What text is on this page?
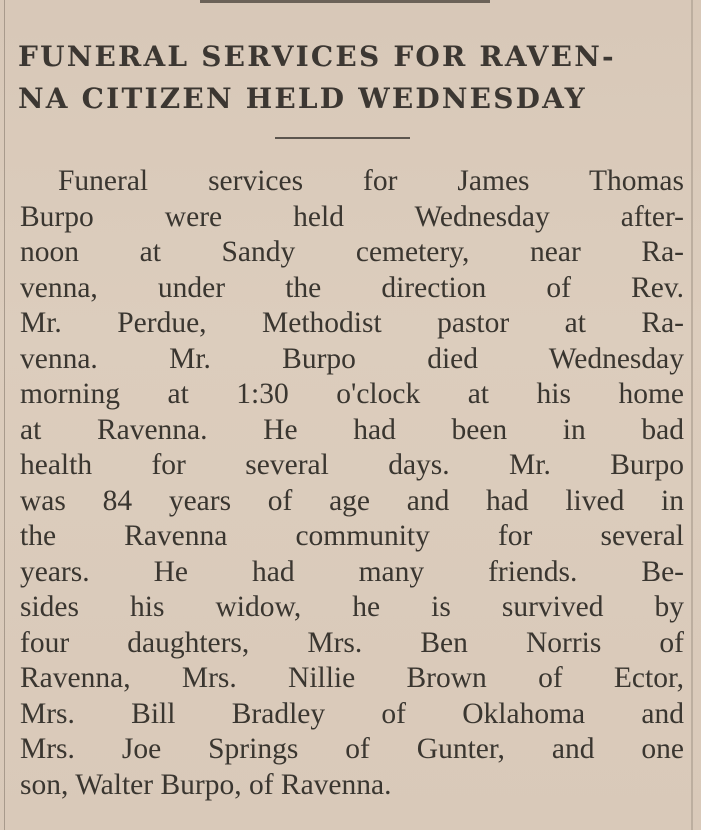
FUNERAL SERVICES FOR RAVEN-
NA CITIZEN HELD WEDNESDAY
Funeral services for James Thomas
Burpo were held Wednesday after-
noon at Sandy cemetery, near Ra-
venna, under the direction of Rev.
Mr. Perdue, Methodist pastor at Ra-
venna. Mr. Burpo died Wednesday
morning at 1:30 o'clock at his home
at Ravenna. He had been in bad
health for several days. Mr. Burpo
was 84 years of age and had lived in
the Ravenna community for several
years. He had many friends. Be-
sides his widow, he is survived by
four daughters, Mrs. Ben Norris of
Ravenna, Mrs. Nillie Brown of Ector,
Mrs. Bill Bradley of Oklahoma and
Mrs. Joe Springs of Gunter, and one
son, Walter Burpo, of Ravenna.
